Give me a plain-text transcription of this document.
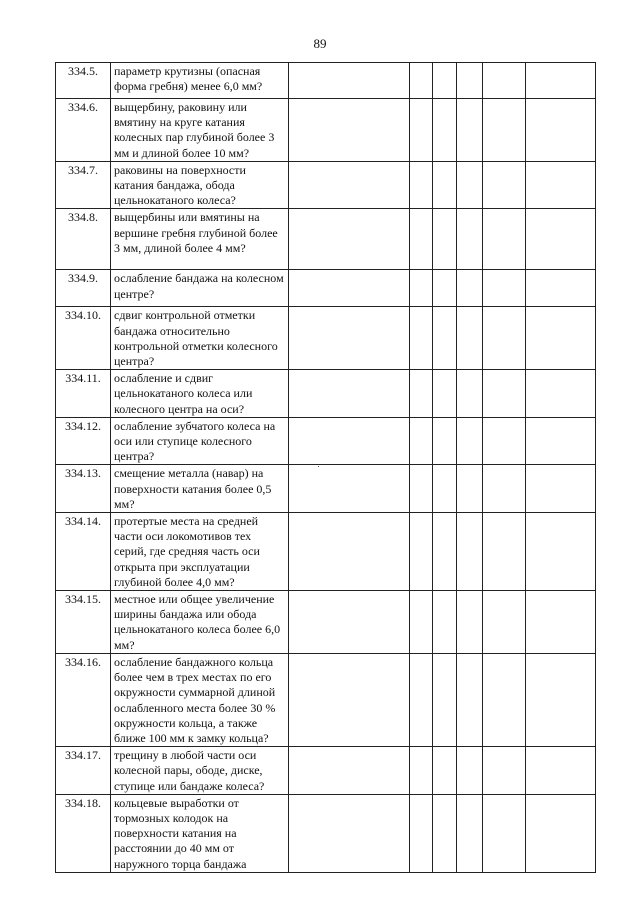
89
334.5.	параметр крутизны (опасная форма гребня) менее 6,0 мм?						
334.6.	выщербину, раковину или вмятину на круге катания колесных пар глубиной более 3 мм и длиной более 10 мм?						
334.7.	раковины на поверхности катания бандажа, обода цельнокатаного колеса?						
334.8.	выщербины или вмятины на вершине гребня глубиной более 3 мм, длиной более 4 мм?						
334.9.	ослабление бандажа на колесном центре?						
334.10.	сдвиг контрольной отметки бандажа относительно контрольной отметки колесного центра?						
334.11.	ослабление и сдвиг цельнокатаного колеса или колесного центра на оси?						
334.12.	ослабление зубчатого колеса на оси или ступице колесного центра?						
334.13.	смещение металла (навар) на поверхности катания более 0,5 мм?						
334.14.	протертые места на средней части оси локомотивов тех серий, где средняя часть оси открыта при эксплуатации глубиной более 4,0 мм?						
334.15.	местное или общее увеличение ширины бандажа или обода цельнокатаного колеса более 6,0 мм?						
334.16.	ослабление бандажного кольца более чем в трех местах по его окружности суммарной длиной ослабленного места более 30 % окружности кольца, а также ближе 100 мм к замку кольца?						
334.17.	трещину в любой части оси колесной пары, ободе, диске, ступице или бандаже колеса?						
334.18.	кольцевые выработки от тормозных колодок на поверхности катания на расстоянии до 40 мм от наружного торца бандажа						
